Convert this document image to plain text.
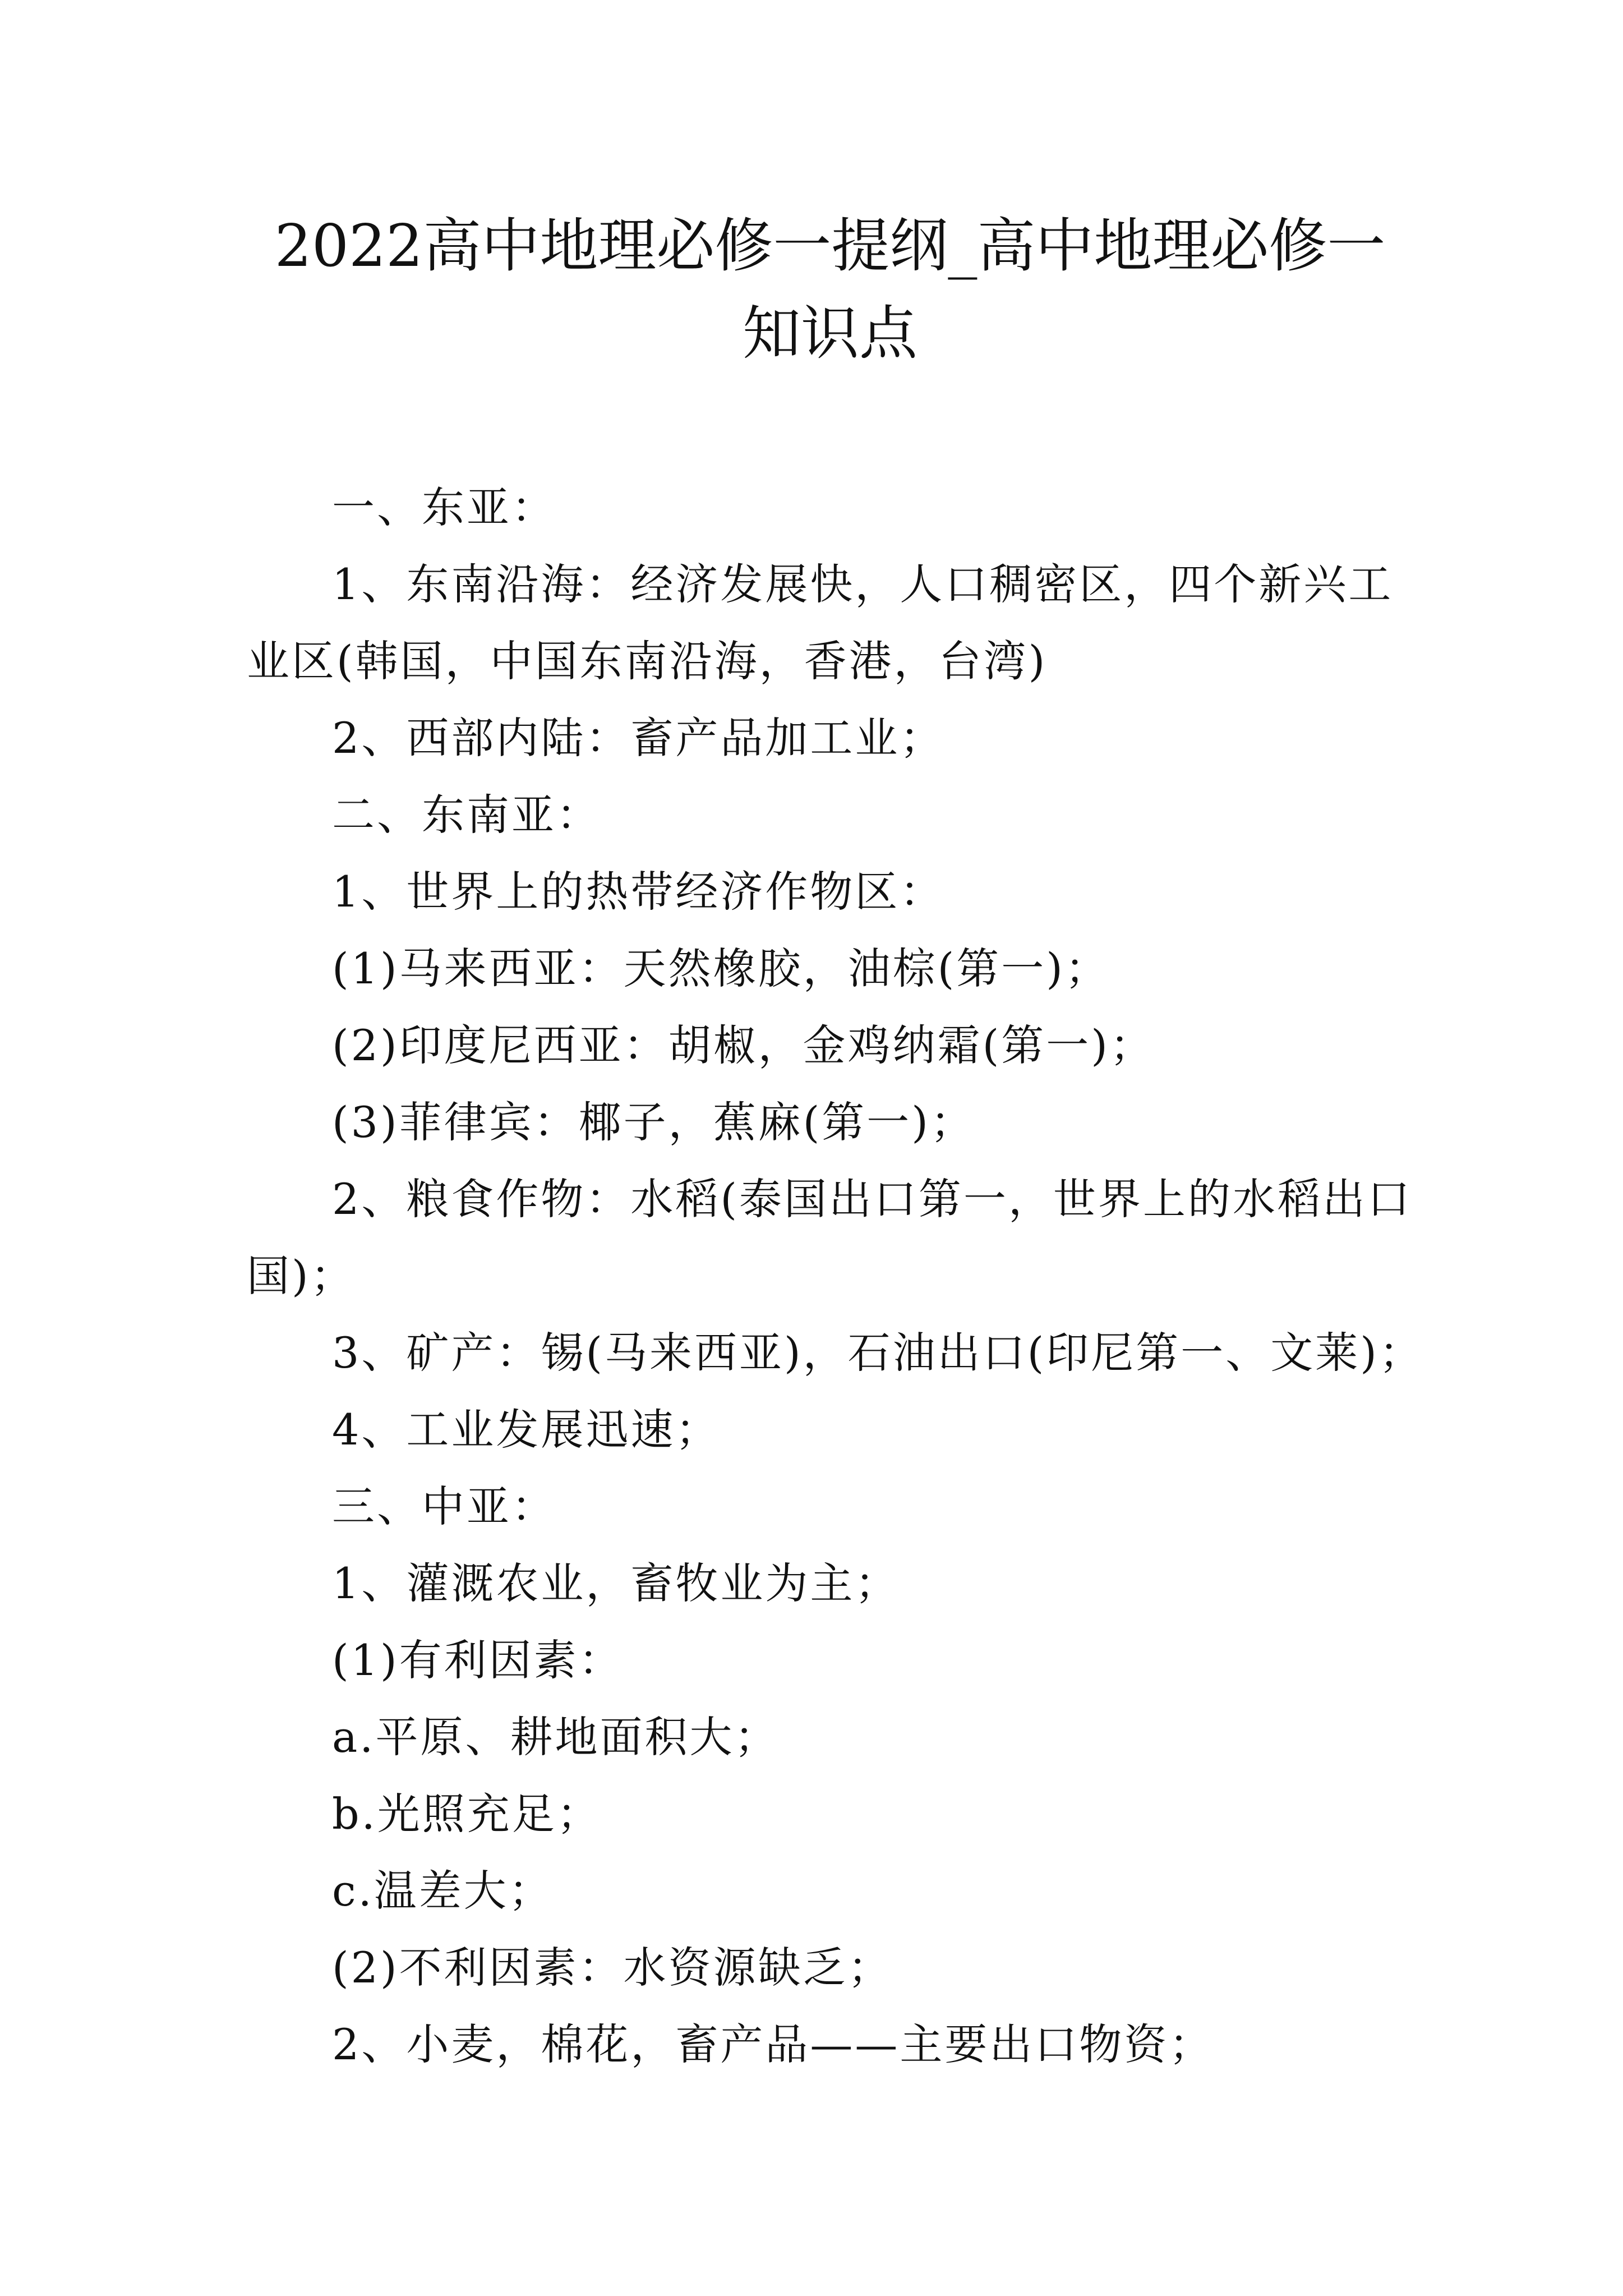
2022高中地理必修一提纲_高中地理必修一知识点

一、东亚：

1、东南沿海：经济发展快，人口稠密区，四个新兴工业区(韩国，中国东南沿海，香港，台湾)

2、西部内陆：畜产品加工业；

二、东南亚：

1、世界上的热带经济作物区：

(1)马来西亚：天然橡胶，油棕(第一)；

(2)印度尼西亚：胡椒，金鸡纳霜(第一)；

(3)菲律宾：椰子，蕉麻(第一)；

2、粮食作物：水稻(泰国出口第一，世界上的水稻出口国)；

3、矿产：锡(马来西亚)，石油出口(印尼第一、文莱)；

4、工业发展迅速；

三、中亚：

1、灌溉农业，畜牧业为主；

(1)有利因素：

a.平原、耕地面积大；

b.光照充足；

c.温差大；

(2)不利因素：水资源缺乏；

2、小麦，棉花，畜产品——主要出口物资；
